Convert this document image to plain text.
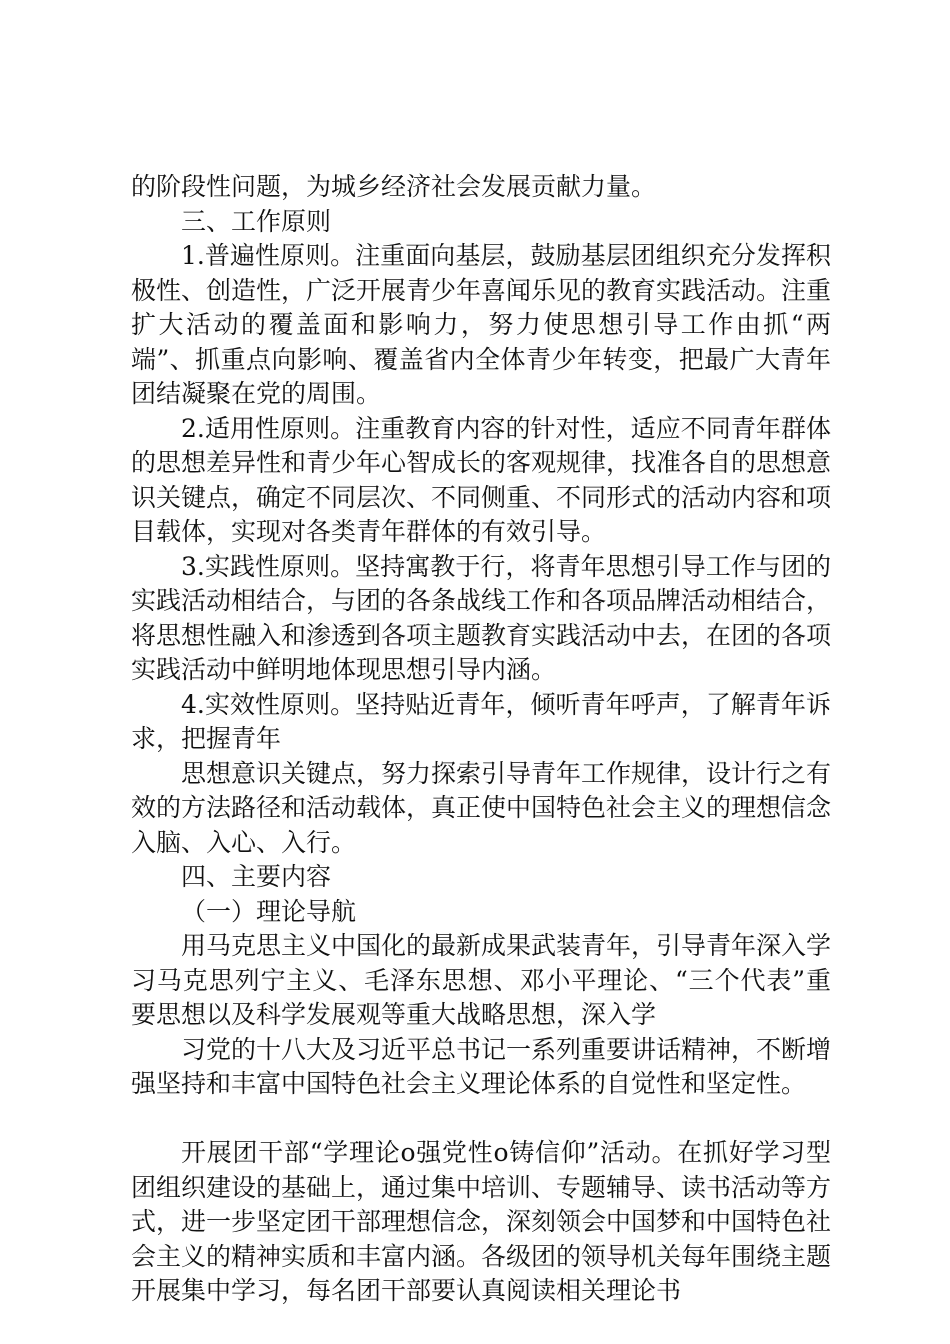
的阶段性问题，为城乡经济社会发展贡献力量。

三、工作原则

1.普遍性原则。注重面向基层，鼓励基层团组织充分发挥积极性、创造性，广泛开展青少年喜闻乐见的教育实践活动。注重扩大活动的覆盖面和影响力，努力使思想引导工作由抓“两端”、抓重点向影响、覆盖省内全体青少年转变，把最广大青年团结凝聚在党的周围。

2.适用性原则。注重教育内容的针对性，适应不同青年群体的思想差异性和青少年心智成长的客观规律，找准各自的思想意识关键点，确定不同层次、不同侧重、不同形式的活动内容和项目载体，实现对各类青年群体的有效引导。

3.实践性原则。坚持寓教于行，将青年思想引导工作与团的实践活动相结合，与团的各条战线工作和各项品牌活动相结合，将思想性融入和渗透到各项主题教育实践活动中去，在团的各项实践活动中鲜明地体现思想引导内涵。

4.实效性原则。坚持贴近青年，倾听青年呼声，了解青年诉求，把握青年

思想意识关键点，努力探索引导青年工作规律，设计行之有效的方法路径和活动载体，真正使中国特色社会主义的理想信念入脑、入心、入行。

四、主要内容

（一）理论导航

用马克思主义中国化的最新成果武装青年，引导青年深入学习马克思列宁主义、毛泽东思想、邓小平理论、“三个代表”重要思想以及科学发展观等重大战略思想，深入学

习党的十八大及习近平总书记一系列重要讲话精神，不断增强坚持和丰富中国特色社会主义理论体系的自觉性和坚定性。

开展团干部“学理论ο强党性ο铸信仰”活动。在抓好学习型团组织建设的基础上，通过集中培训、专题辅导、读书活动等方式，进一步坚定团干部理想信念，深刻领会中国梦和中国特色社会主义的精神实质和丰富内涵。各级团的领导机关每年围绕主题开展集中学习，每名团干部要认真阅读相关理论书
